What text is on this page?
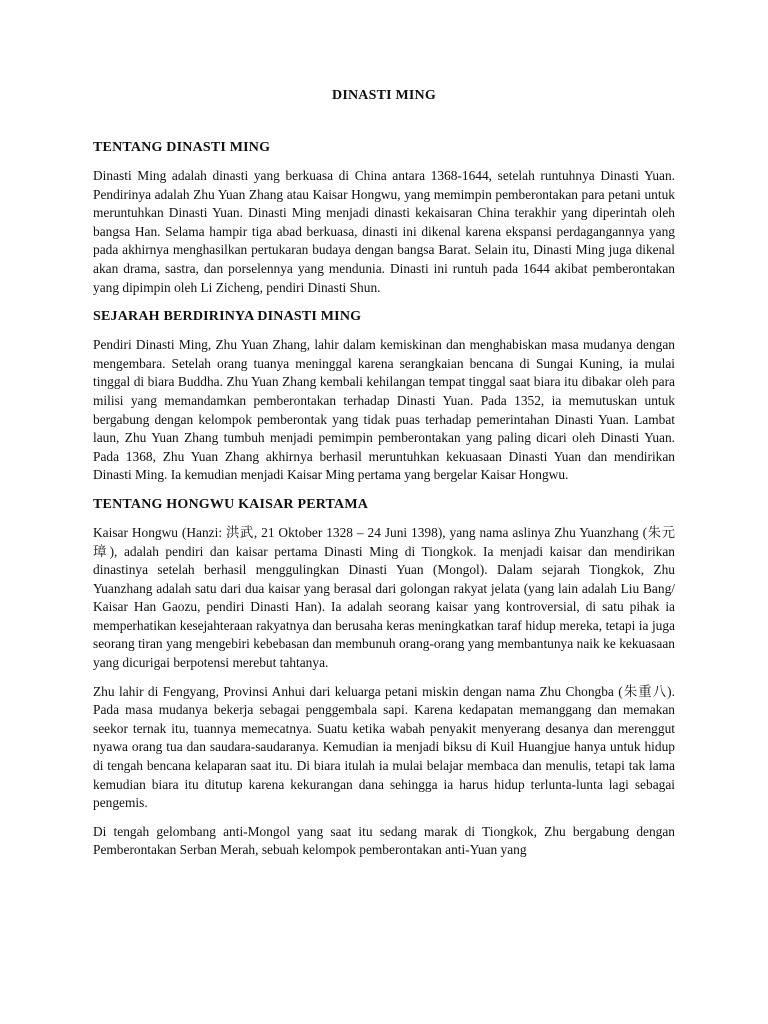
DINASTI MING
TENTANG DINASTI MING

Dinasti Ming adalah dinasti yang berkuasa di China antara 1368-1644, setelah runtuhnya Dinasti Yuan. Pendirinya adalah Zhu Yuan Zhang atau Kaisar Hongwu, yang memimpin pemberontakan para petani untuk meruntuhkan Dinasti Yuan. Dinasti Ming menjadi dinasti kekaisaran China terakhir yang diperintah oleh bangsa Han. Selama hampir tiga abad berkuasa, dinasti ini dikenal karena ekspansi perdagangannya yang pada akhirnya menghasilkan pertukaran budaya dengan bangsa Barat. Selain itu, Dinasti Ming juga dikenal akan drama, sastra, dan porselennya yang mendunia. Dinasti ini runtuh pada 1644 akibat pemberontakan yang dipimpin oleh Li Zicheng, pendiri Dinasti Shun.

SEJARAH BERDIRINYA DINASTI MING

Pendiri Dinasti Ming, Zhu Yuan Zhang, lahir dalam kemiskinan dan menghabiskan masa mudanya dengan mengembara. Setelah orang tuanya meninggal karena serangkaian bencana di Sungai Kuning, ia mulai tinggal di biara Buddha. Zhu Yuan Zhang kembali kehilangan tempat tinggal saat biara itu dibakar oleh para milisi yang memandamkan pemberontakan terhadap Dinasti Yuan. Pada 1352, ia memutuskan untuk bergabung dengan kelompok pemberontak yang tidak puas terhadap pemerintahan Dinasti Yuan. Lambat laun, Zhu Yuan Zhang tumbuh menjadi pemimpin pemberontakan yang paling dicari oleh Dinasti Yuan. Pada 1368, Zhu Yuan Zhang akhirnya berhasil meruntuhkan kekuasaan Dinasti Yuan dan mendirikan Dinasti Ming. Ia kemudian menjadi Kaisar Ming pertama yang bergelar Kaisar Hongwu.

TENTANG HONGWU KAISAR PERTAMA

Kaisar Hongwu (Hanzi: 洪武, 21 Oktober 1328 – 24 Juni 1398), yang nama aslinya Zhu Yuanzhang (朱元璋), adalah pendiri dan kaisar pertama Dinasti Ming di Tiongkok. Ia menjadi kaisar dan mendirikan dinastinya setelah berhasil menggulingkan Dinasti Yuan (Mongol). Dalam sejarah Tiongkok, Zhu Yuanzhang adalah satu dari dua kaisar yang berasal dari golongan rakyat jelata (yang lain adalah Liu Bang/ Kaisar Han Gaozu, pendiri Dinasti Han). Ia adalah seorang kaisar yang kontroversial, di satu pihak ia memperhatikan kesejahteraan rakyatnya dan berusaha keras meningkatkan taraf hidup mereka, tetapi ia juga seorang tiran yang mengebiri kebebasan dan membunuh orang-orang yang membantunya naik ke kekuasaan yang dicurigai berpotensi merebut tahtanya.

Zhu lahir di Fengyang, Provinsi Anhui dari keluarga petani miskin dengan nama Zhu Chongba (朱重八). Pada masa mudanya bekerja sebagai penggembala sapi. Karena kedapatan memanggang dan memakan seekor ternak itu, tuannya memecatnya. Suatu ketika wabah penyakit menyerang desanya dan merenggut nyawa orang tua dan saudara-saudaranya. Kemudian ia menjadi biksu di Kuil Huangjue hanya untuk hidup di tengah bencana kelaparan saat itu. Di biara itulah ia mulai belajar membaca dan menulis, tetapi tak lama kemudian biara itu ditutup karena kekurangan dana sehingga ia harus hidup terlunta-lunta lagi sebagai pengemis.

Di tengah gelombang anti-Mongol yang saat itu sedang marak di Tiongkok, Zhu bergabung dengan Pemberontakan Serban Merah, sebuah kelompok pemberontakan anti-Yuan yang
